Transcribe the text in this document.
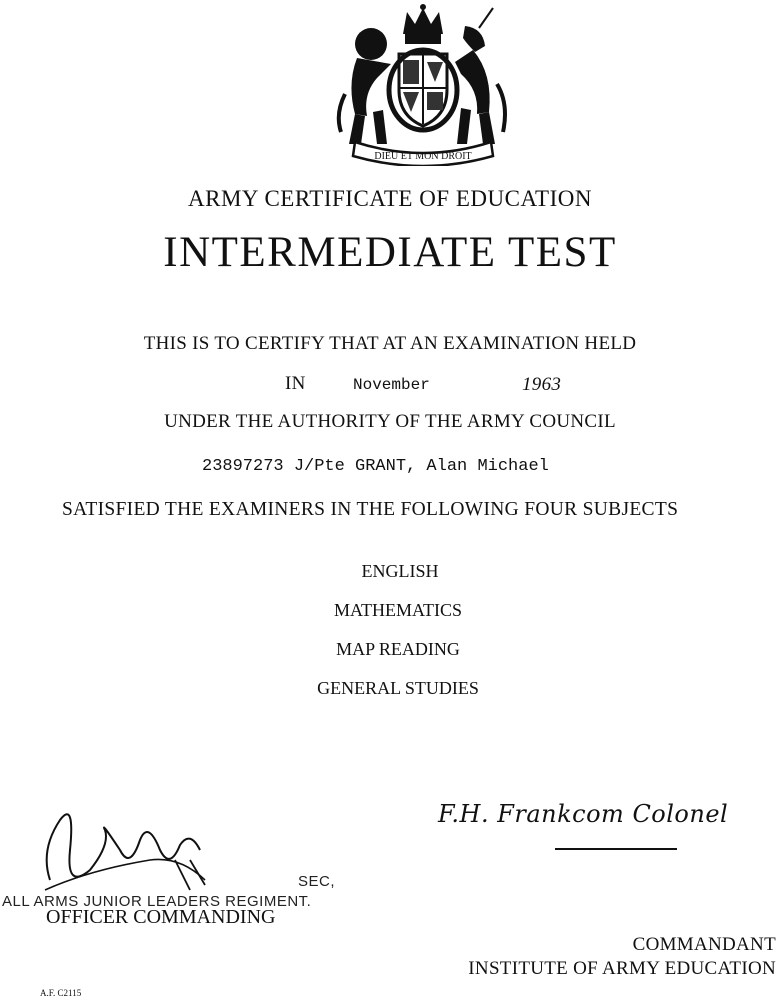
DIEU ET MON DROIT
ARMY CERTIFICATE OF EDUCATION
INTERMEDIATE TEST
THIS IS TO CERTIFY THAT AT AN EXAMINATION HELD
IN	November	1963
UNDER THE AUTHORITY OF THE ARMY COUNCIL
23897273 J/Pte GRANT, Alan Michael
SATISFIED THE EXAMINERS IN THE FOLLOWING FOUR SUBJECTS
ENGLISH
MATHEMATICS
MAP READING
GENERAL STUDIES
SEC,
ALL ARMS JUNIOR LEADERS REGIMENT.
OFFICER COMMANDING
F.H. Frankcom Colonel
COMMANDANT
INSTITUTE OF ARMY EDUCATION
A.F. C2115
